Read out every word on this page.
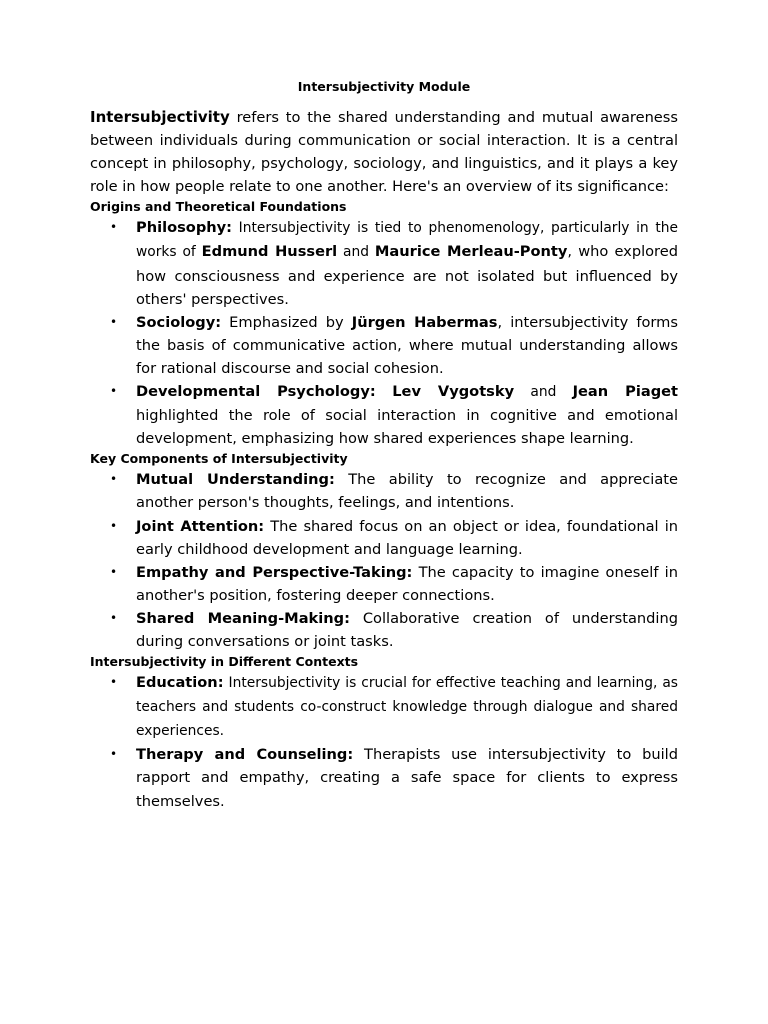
Intersubjectivity Module

Intersubjectivity refers to the shared understanding and mutual awareness between individuals during communication or social interaction. It is a central concept in philosophy, psychology, sociology, and linguistics, and it plays a key role in how people relate to one another. Here's an overview of its significance:

Origins and Theoretical Foundations
• Philosophy: Intersubjectivity is tied to phenomenology, particularly in the works of Edmund Husserl and Maurice Merleau-Ponty, who explored how consciousness and experience are not isolated but influenced by others' perspectives.
• Sociology: Emphasized by Jürgen Habermas, intersubjectivity forms the basis of communicative action, where mutual understanding allows for rational discourse and social cohesion.
• Developmental Psychology: Lev Vygotsky and Jean Piaget highlighted the role of social interaction in cognitive and emotional development, emphasizing how shared experiences shape learning.
Key Components of Intersubjectivity
• Mutual Understanding: The ability to recognize and appreciate another person's thoughts, feelings, and intentions.
• Joint Attention: The shared focus on an object or idea, foundational in early childhood development and language learning.
• Empathy and Perspective-Taking: The capacity to imagine oneself in another's position, fostering deeper connections.
• Shared Meaning-Making: Collaborative creation of understanding during conversations or joint tasks.
Intersubjectivity in Different Contexts
• Education: Intersubjectivity is crucial for effective teaching and learning, as teachers and students co-construct knowledge through dialogue and shared experiences.
• Therapy and Counseling: Therapists use intersubjectivity to build rapport and empathy, creating a safe space for clients to express themselves.
